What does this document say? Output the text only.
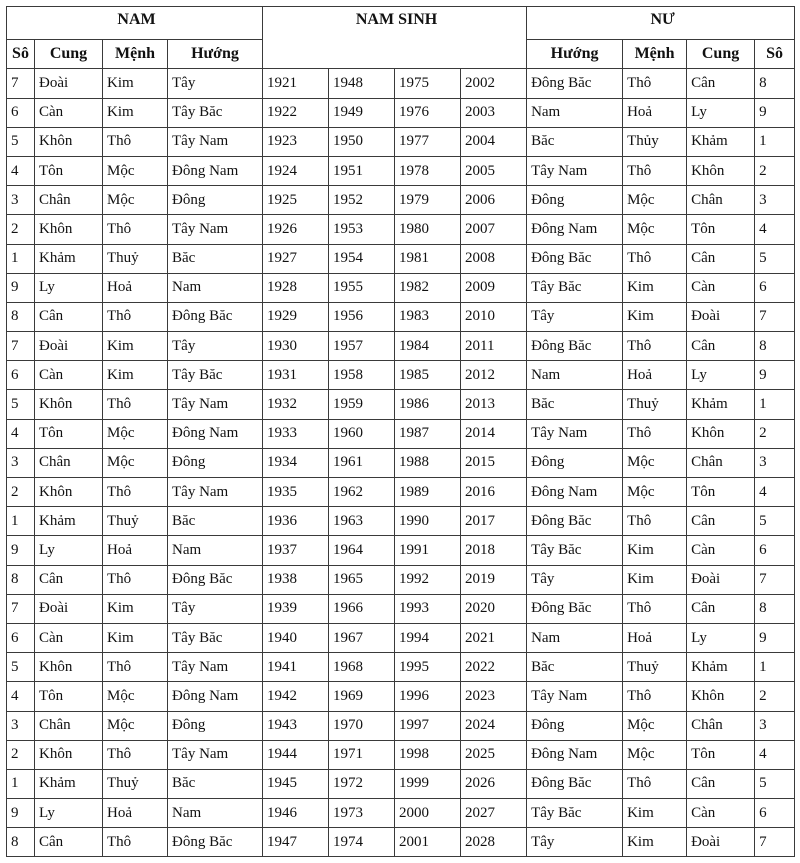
NAM				NAM SINH				NƯ			
Sô	Cung	Mệnh	Hướng					Hướng	Mệnh	Cung	Sô
7	Đoài	Kim	Tây	1921	1948	1975	2002	Đông Băc	Thô	Cân	8
6	Càn	Kim	Tây Băc	1922	1949	1976	2003	Nam	Hoả	Ly	9
5	Khôn	Thô	Tây Nam	1923	1950	1977	2004	Băc	Thủy	Khảm	1
4	Tôn	Mộc	Đông Nam	1924	1951	1978	2005	Tây Nam	Thô	Khôn	2
3	Chân	Mộc	Đông	1925	1952	1979	2006	Đông	Mộc	Chân	3
2	Khôn	Thô	Tây Nam	1926	1953	1980	2007	Đông Nam	Mộc	Tôn	4
1	Khảm	Thuỷ	Băc	1927	1954	1981	2008	Đông Băc	Thô	Cân	5
9	Ly	Hoả	Nam	1928	1955	1982	2009	Tây Băc	Kim	Càn	6
8	Cân	Thô	Đông Băc	1929	1956	1983	2010	Tây	Kim	Đoài	7
7	Đoài	Kim	Tây	1930	1957	1984	2011	Đông Băc	Thô	Cân	8
6	Càn	Kim	Tây Băc	1931	1958	1985	2012	Nam	Hoả	Ly	9
5	Khôn	Thô	Tây Nam	1932	1959	1986	2013	Băc	Thuỷ	Khảm	1
4	Tôn	Mộc	Đông Nam	1933	1960	1987	2014	Tây Nam	Thô	Khôn	2
3	Chân	Mộc	Đông	1934	1961	1988	2015	Đông	Mộc	Chân	3
2	Khôn	Thô	Tây Nam	1935	1962	1989	2016	Đông Nam	Mộc	Tôn	4
1	Khảm	Thuỷ	Băc	1936	1963	1990	2017	Đông Băc	Thô	Cân	5
9	Ly	Hoả	Nam	1937	1964	1991	2018	Tây Băc	Kim	Càn	6
8	Cân	Thô	Đông Băc	1938	1965	1992	2019	Tây	Kim	Đoài	7
7	Đoài	Kim	Tây	1939	1966	1993	2020	Đông Băc	Thô	Cân	8
6	Càn	Kim	Tây Băc	1940	1967	1994	2021	Nam	Hoả	Ly	9
5	Khôn	Thô	Tây Nam	1941	1968	1995	2022	Băc	Thuỷ	Khảm	1
4	Tôn	Mộc	Đông Nam	1942	1969	1996	2023	Tây Nam	Thô	Khôn	2
3	Chân	Mộc	Đông	1943	1970	1997	2024	Đông	Mộc	Chân	3
2	Khôn	Thô	Tây Nam	1944	1971	1998	2025	Đông Nam	Mộc	Tôn	4
1	Khảm	Thuỷ	Băc	1945	1972	1999	2026	Đông Băc	Thô	Cân	5
9	Ly	Hoả	Nam	1946	1973	2000	2027	Tây Băc	Kim	Càn	6
8	Cân	Thô	Đông Băc	1947	1974	2001	2028	Tây	Kim	Đoài	7
